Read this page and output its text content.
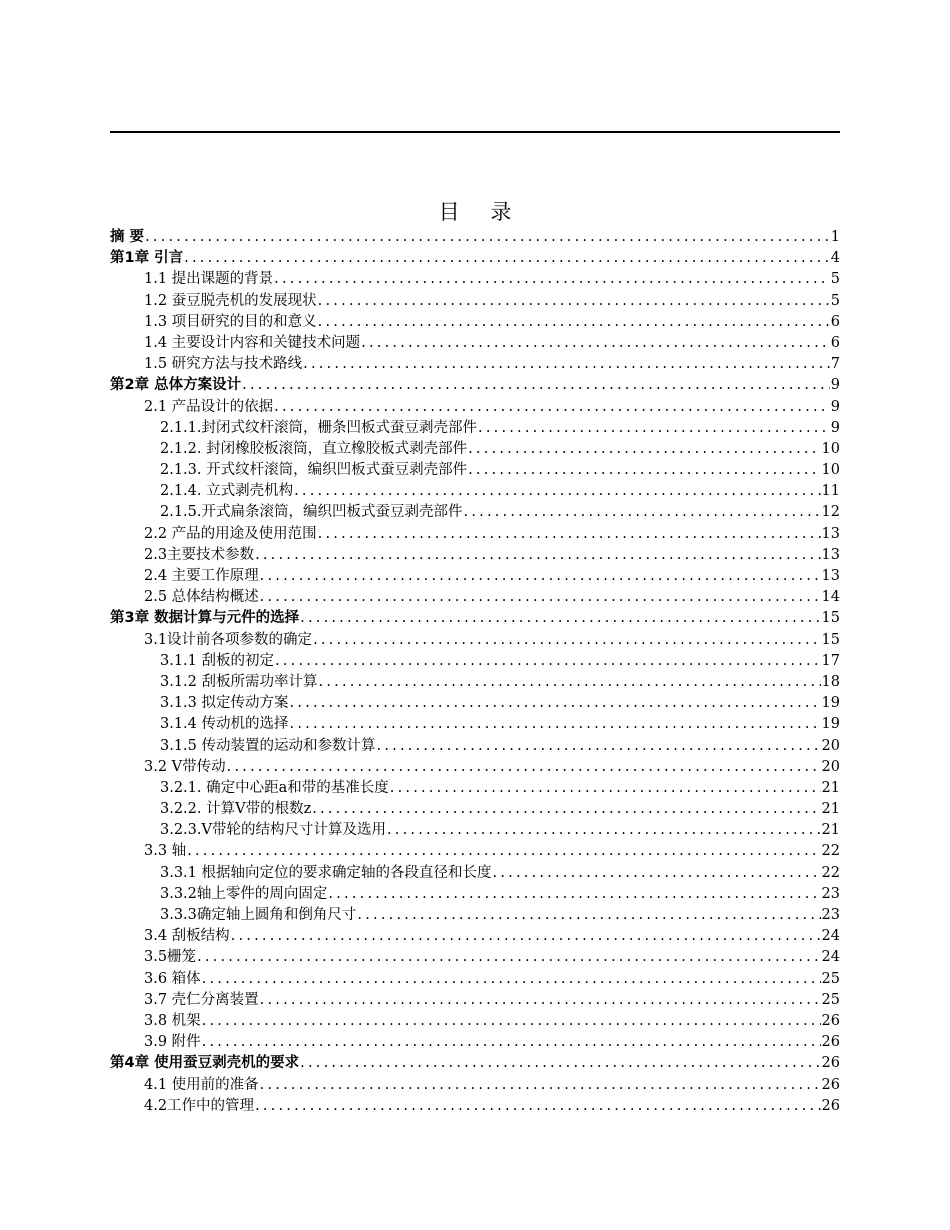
目 录
摘 要 .....	1
第1章 引言 .....	4
1.1 提出课题的背景 .....	5
1.2 蚕豆脱壳机的发展现状 .....	5
1.3 项目研究的目的和意义 .....	6
1.4 主要设计内容和关键技术问题 .....	6
1.5 研究方法与技术路线 .....	7
第2章 总体方案设计 .....	9
2.1 产品设计的依据 .....	9
2.1.1.封闭式纹杆滚筒，栅条凹板式蚕豆剥壳部件 .....	9
2.1.2. 封闭橡胶板滚筒，直立橡胶板式剥壳部件 .....	10
2.1.3. 开式纹杆滚筒，编织凹板式蚕豆剥壳部件 .....	10
2.1.4. 立式剥壳机构 .....	11
2.1.5.开式扁条滚筒，编织凹板式蚕豆剥壳部件 .....	12
2.2 产品的用途及使用范围 .....	13
2.3主要技术参数 .....	13
2.4 主要工作原理 .....	13
2.5 总体结构概述 .....	14
第3章 数据计算与元件的选择 .....	15
3.1设计前各项参数的确定 .....	15
3.1.1 刮板的初定 .....	17
3.1.2 刮板所需功率计算 .....	18
3.1.3 拟定传动方案 .....	19
3.1.4 传动机的选择 .....	19
3.1.5 传动装置的运动和参数计算 .....	20
3.2 V带传动 .....	20
3.2.1. 确定中心距a和带的基准长度 .....	21
3.2.2. 计算V带的根数z .....	21
3.2.3.V带轮的结构尺寸计算及选用 .....	21
3.3 轴 .....	22
3.3.1 根据轴向定位的要求确定轴的各段直径和长度 .....	22
3.3.2轴上零件的周向固定 .....	23
3.3.3确定轴上圆角和倒角尺寸 .....	23
3.4 刮板结构 .....	24
3.5栅笼 .....	24
3.6 箱体 .....	25
3.7 壳仁分离装置 .....	25
3.8 机架 .....	26
3.9 附件 .....	26
第4章 使用蚕豆剥壳机的要求 .....	26
4.1 使用前的准备 .....	26
4.2工作中的管理 .....	26
